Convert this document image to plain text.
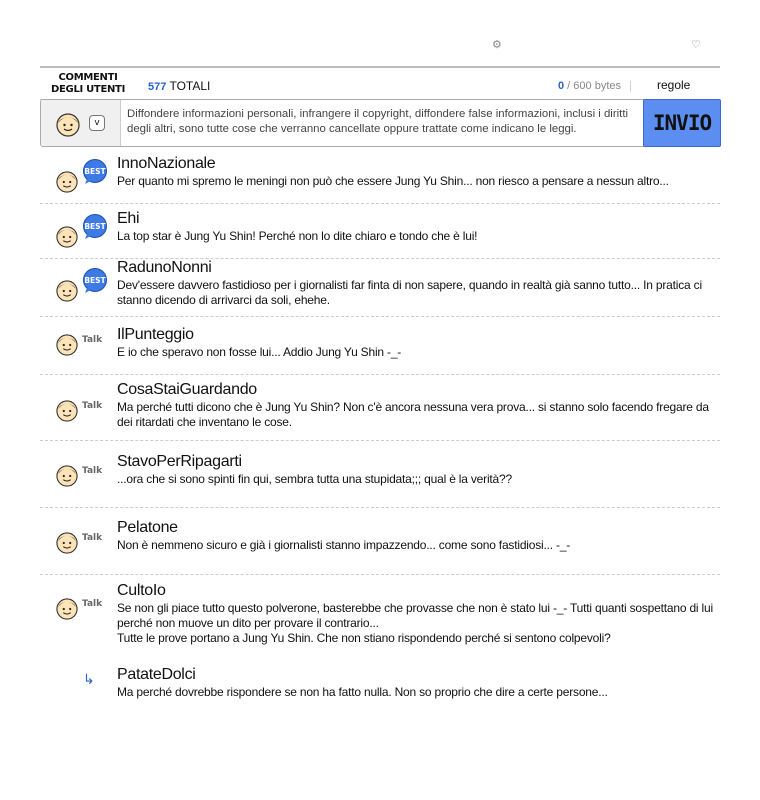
⚙	♡
COMMENTI
DEGLI UTENTI	577 TOTALI	0 / 600 bytes | regole
v
Diffondere informazioni personali, infrangere il copyright, diffondere false informazioni, inclusi i diritti degli altri, sono tutte cose che verranno cancellate oppure trattate come indicano le leggi.	INVIO
BEST InnoNazionale
Per quanto mi spremo le meningi non può che essere Jung Yu Shin... non riesco a pensare a nessun altro...
BEST Ehi
La top star è Jung Yu Shin! Perché non lo dite chiaro e tondo che è lui!
BEST
RadunoNonni
Dev'essere davvero fastidioso per i giornalisti far finta di non sapere, quando in realtà già sanno tutto... In pratica ci
stanno dicendo di arrivarci da soli, ehehe.
Talk IlPunteggio
E io che speravo non fosse lui... Addio Jung Yu Shin -_-
Talk
CosaStaiGuardando
Ma perché tutti dicono che è Jung Yu Shin? Non c'è ancora nessuna vera prova... si stanno solo facendo fregare da
dei ritardati che inventano le cose.
Talk
StavoPerRipagarti
...ora che si sono spinti fin qui, sembra tutta una stupidata;;; qual è la verità??
Talk
Pelatone
Non è nemmeno sicuro e già i giornalisti stanno impazzendo... come sono fastidiosi... -_-
Talk
CultoIo
Se non gli piace tutto questo polverone, basterebbe che provasse che non è stato lui -_- Tutti quanti sospettano di lui
perché non muove un dito per provare il contrario...
Tutte le prove portano a Jung Yu Shin. Che non stiano rispondendo perché si sentono colpevoli?
↳ PatateDolci
Ma perché dovrebbe rispondere se non ha fatto nulla. Non so proprio che dire a certe persone...
